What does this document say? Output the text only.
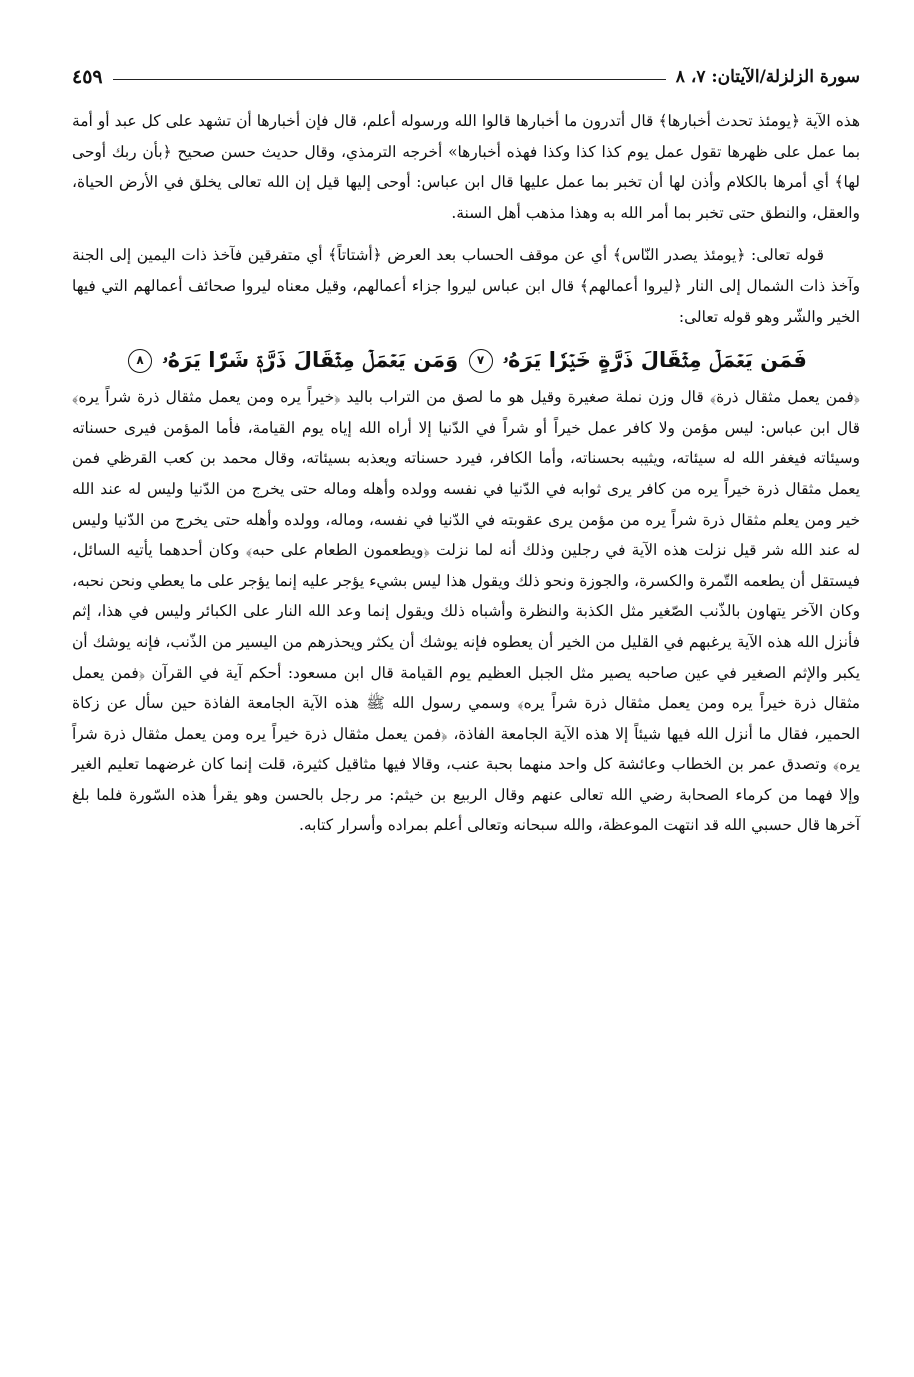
سورة الزلزلة/الآيتان: ٧، ٨
٤٥٩

هذه الآية ﴿يومئذ تحدث أخبارها﴾ قال أتدرون ما أخبارها قالوا الله ورسوله أعلم، قال فإن أخبارها أن تشهد على كل عبد أو أمة بما عمل على ظهرها تقول عمل يوم كذا كذا وكذا فهذه أخبارها» أخرجه الترمذي، وقال حديث حسن صحيح ﴿بأن ربك أوحى لها﴾ أي أمرها بالكلام وأذن لها أن تخبر بما عمل عليها قال ابن عباس: أوحى إليها قيل إن الله تعالى يخلق في الأرض الحياة، والعقل، والنطق حتى تخبر بما أمر الله به وهذا مذهب أهل السنة.

قوله تعالى: ﴿يومئذ يصدر النّاس﴾ أي عن موقف الحساب بعد العرض ﴿أشتاتاً﴾ أي متفرقين فآخذ ذات اليمين إلى الجنة وآخذ ذات الشمال إلى النار ﴿ليروا أعمالهم﴾ قال ابن عباس ليروا جزاء أعمالهم، وقيل معناه ليروا صحائف أعمالهم التي فيها الخير والشّر وهو قوله تعالى:

فَمَن يَعۡمَلۡ مِثۡقَالَ ذَرَّةٍ خَيۡرٗا يَرَهُۥ ٧ وَمَن يَعۡمَلۡ مِثۡقَالَ ذَرَّةٖ شَرّٗا يَرَهُۥ ٨

﴿فمن يعمل مثقال ذرة﴾ قال وزن نملة صغيرة وقيل هو ما لصق من التراب باليد ﴿خيراً يره ومن يعمل مثقال ذرة شراً يره﴾ قال ابن عباس: ليس مؤمن ولا كافر عمل خيراً أو شراً في الدّنيا إلا أراه الله إياه يوم القيامة، فأما المؤمن فيرى حسناته وسيئاته فيغفر الله له سيئاته، ويثيبه بحسناته، وأما الكافر، فيرد حسناته ويعذبه بسيئاته، وقال محمد بن كعب القرظي فمن يعمل مثقال ذرة خيراً يره من كافر يرى ثوابه في الدّنيا في نفسه وولده وأهله وماله حتى يخرج من الدّنيا وليس له عند الله خير ومن يعلم مثقال ذرة شراً يره من مؤمن يرى عقوبته في الدّنيا في نفسه، وماله، وولده وأهله حتى يخرج من الدّنيا وليس له عند الله شر قيل نزلت هذه الآية في رجلين وذلك أنه لما نزلت ﴿ويطعمون الطعام على حبه﴾ وكان أحدهما يأتيه السائل، فيستقل أن يطعمه التّمرة والكسرة، والجوزة ونحو ذلك ويقول هذا ليس بشيء يؤجر عليه إنما يؤجر على ما يعطي ونحن نحبه، وكان الآخر يتهاون بالذّنب الصّغير مثل الكذبة والنظرة وأشباه ذلك ويقول إنما وعد الله النار على الكبائر وليس في هذا، إثم فأنزل الله هذه الآية يرغبهم في القليل من الخير أن يعطوه فإنه يوشك أن يكثر ويحذرهم من اليسير من الذّنب، فإنه يوشك أن يكبر والإثم الصغير في عين صاحبه يصير مثل الجبل العظيم يوم القيامة قال ابن مسعود: أحكم آية في القرآن ﴿فمن يعمل مثقال ذرة خيراً يره ومن يعمل مثقال ذرة شراً يره﴾ وسمي رسول الله ﷺ هذه الآية الجامعة الفاذة حين سأل عن زكاة الحمير، فقال ما أنزل الله فيها شيئاً إلا هذه الآية الجامعة الفاذة، ﴿فمن يعمل مثقال ذرة خيراً يره ومن يعمل مثقال ذرة شراً يره﴾ وتصدق عمر بن الخطاب وعائشة كل واحد منهما بحبة عنب، وقالا فيها مثاقيل كثيرة، قلت إنما كان غرضهما تعليم الغير وإلا فهما من كرماء الصحابة رضي الله تعالى عنهم وقال الربيع بن خيثم: مر رجل بالحسن وهو يقرأ هذه السّورة فلما بلغ آخرها قال حسبي الله قد انتهت الموعظة، والله سبحانه وتعالى أعلم بمراده وأسرار كتابه.
